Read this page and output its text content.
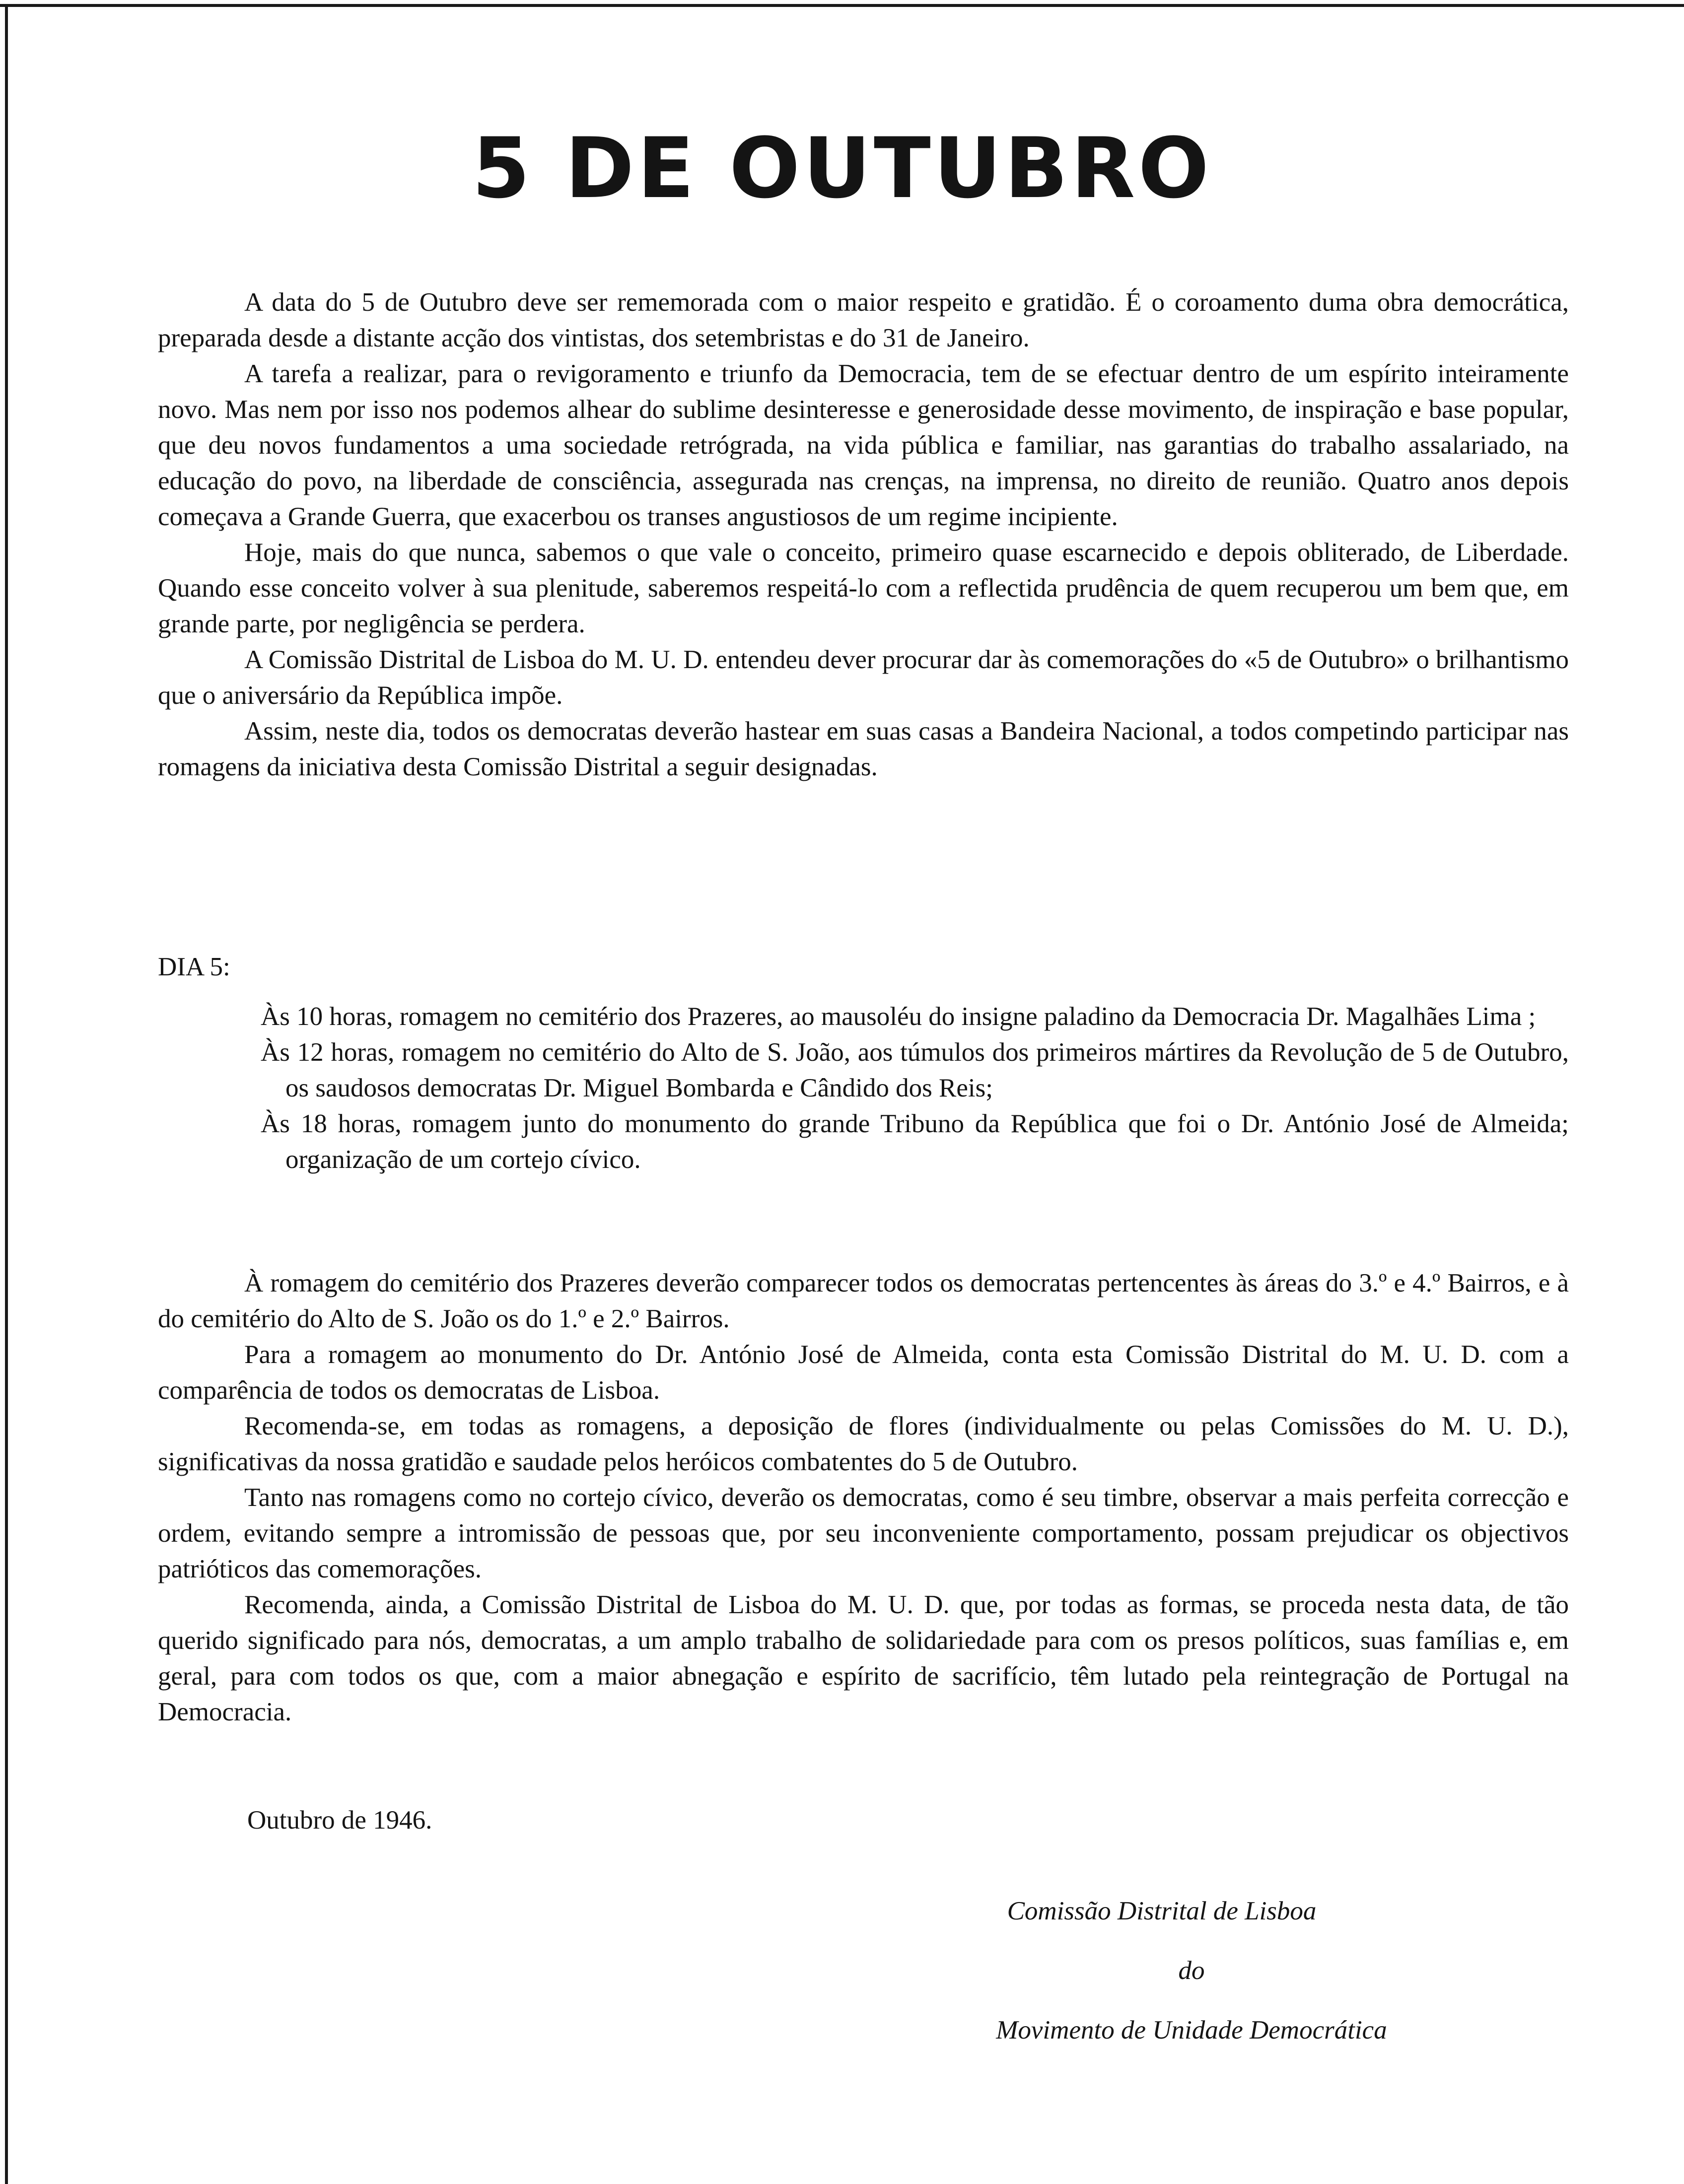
5 DE OUTUBRO

A data do 5 de Outubro deve ser rememorada com o maior respeito e gratidão. É o coroamento duma obra democrática, preparada desde a distante acção dos vintistas, dos setembristas e do 31 de Janeiro.

A tarefa a realizar, para o revigoramento e triunfo da Democracia, tem de se efectuar dentro de um espírito inteiramente novo. Mas nem por isso nos podemos alhear do sublime desinteresse e generosidade desse movimento, de inspiração e base popular, que deu novos fundamentos a uma sociedade retrógrada, na vida pública e familiar, nas garantias do trabalho assalariado, na educação do povo, na liberdade de consciência, assegurada nas crenças, na imprensa, no direito de reunião. Quatro anos depois começava a Grande Guerra, que exacerbou os transes angustiosos de um regime incipiente.

Hoje, mais do que nunca, sabemos o que vale o conceito, primeiro quase escarnecido e depois obliterado, de Liberdade. Quando esse conceito volver à sua plenitude, saberemos respeitá-lo com a reflectida prudência de quem recuperou um bem que, em grande parte, por negligência se perdera.

A Comissão Distrital de Lisboa do M. U. D. entendeu dever procurar dar às comemorações do «5 de Outubro» o brilhantismo que o aniversário da República impõe.

Assim, neste dia, todos os democratas deverão hastear em suas casas a Bandeira Nacional, a todos competindo participar nas romagens da iniciativa desta Comissão Distrital a seguir designadas.

DIA 5:
Às 10 horas, romagem no cemitério dos Prazeres, ao mausoléu do insigne paladino da Democracia Dr. Magalhães Lima ;
Às 12 horas, romagem no cemitério do Alto de S. João, aos túmulos dos primeiros mártires da Revolução de 5 de Outubro, os saudosos democratas Dr. Miguel Bombarda e Cândido dos Reis;
Às 18 horas, romagem junto do monumento do grande Tribuno da República que foi o Dr. António José de Almeida; organização de um cortejo cívico.

À romagem do cemitério dos Prazeres deverão comparecer todos os democratas pertencentes às áreas do 3.º e 4.º Bairros, e à do cemitério do Alto de S. João os do 1.º e 2.º Bairros.

Para a romagem ao monumento do Dr. António José de Almeida, conta esta Comissão Distrital do M. U. D. com a comparência de todos os democratas de Lisboa.

Recomenda-se, em todas as romagens, a deposição de flores (individualmente ou pelas Comissões do M. U. D.), significativas da nossa gratidão e saudade pelos heróicos combatentes do 5 de Outubro.

Tanto nas romagens como no cortejo cívico, deverão os democratas, como é seu timbre, observar a mais perfeita correcção e ordem, evitando sempre a intromissão de pessoas que, por seu inconveniente comportamento, possam prejudicar os objectivos patrióticos das comemorações.

Recomenda, ainda, a Comissão Distrital de Lisboa do M. U. D. que, por todas as formas, se proceda nesta data, de tão querido significado para nós, democratas, a um amplo trabalho de solidariedade para com os presos políticos, suas famílias e, em geral, para com todos os que, com a maior abnegação e espírito de sacrifício, têm lutado pela reintegração de Portugal na Democracia.

Outubro de 1946.
Comissão Distrital de Lisboa
do
Movimento de Unidade Democrática
